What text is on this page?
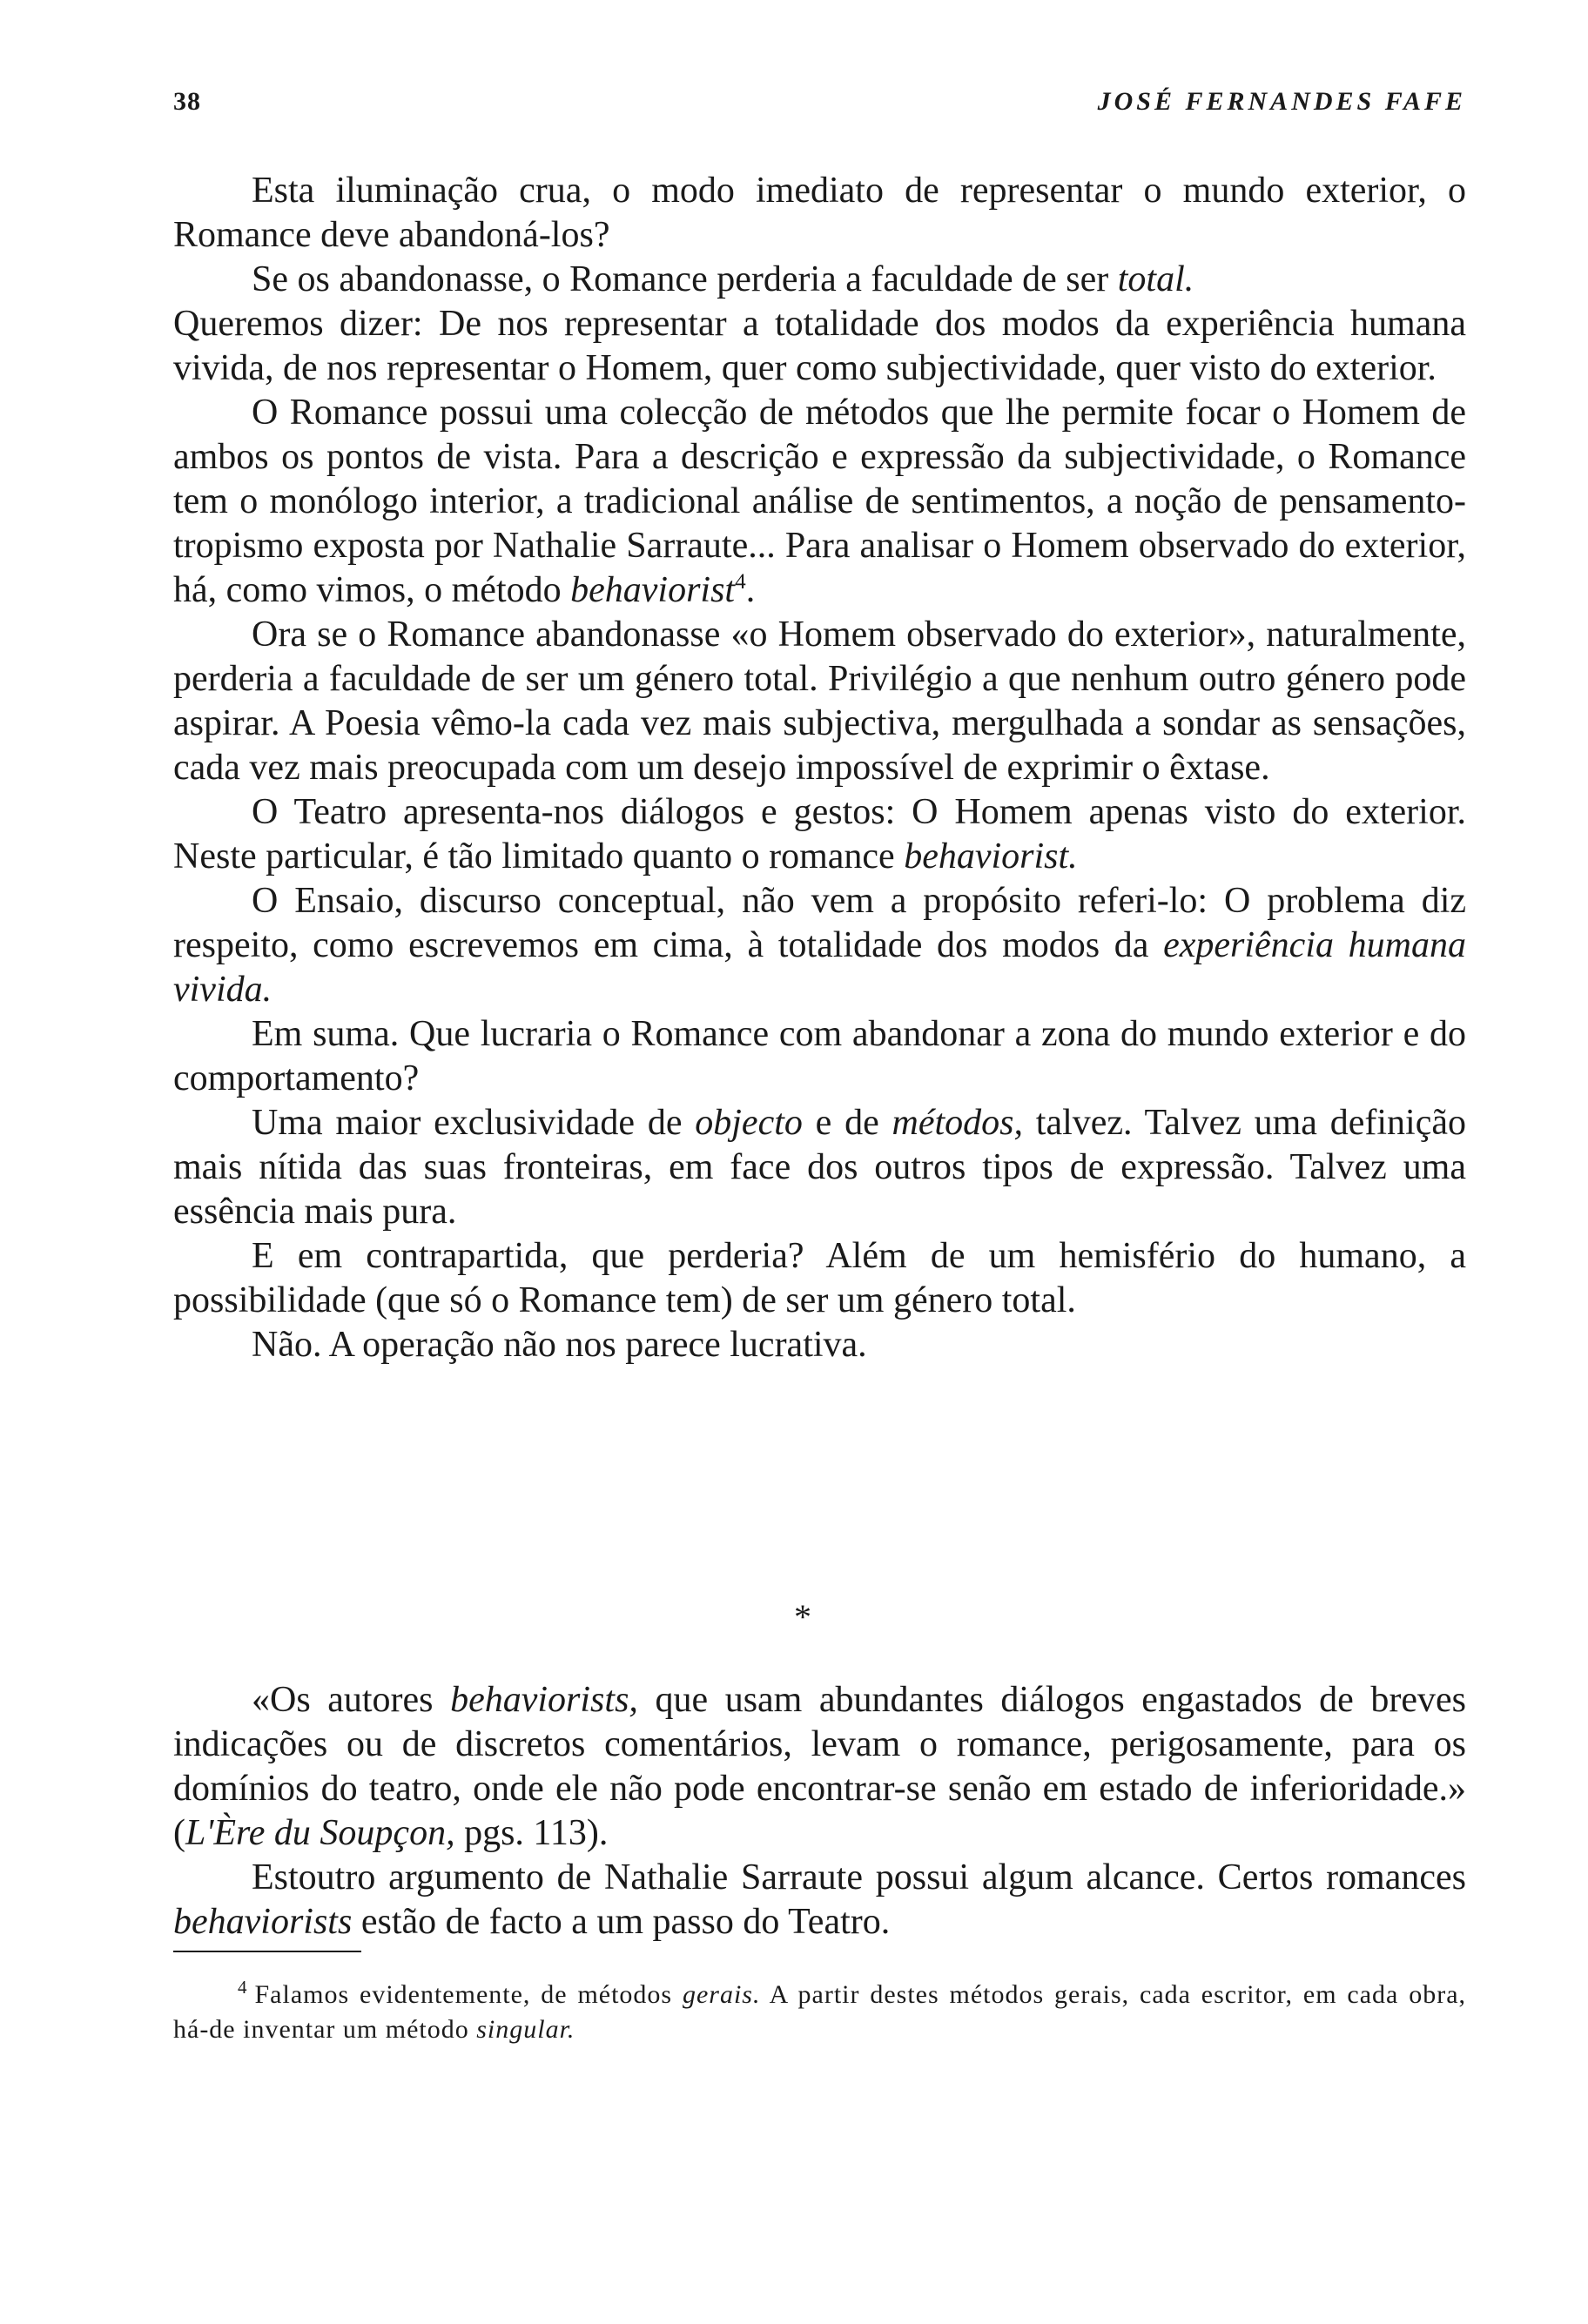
38	JOSÉ FERNANDES FAFE

Esta iluminação crua, o modo imediato de representar o mundo exterior, o Romance deve abandoná-los?

Se os abandonasse, o Romance perderia a faculdade de ser total.

Queremos dizer: De nos representar a totalidade dos modos da experiência humana vivida, de nos representar o Homem, quer como subjectividade, quer visto do exterior.

O Romance possui uma colecção de métodos que lhe permite focar o Homem de ambos os pontos de vista. Para a descrição e expressão da subjectividade, o Romance tem o monólogo interior, a tradicional análise de sentimentos, a noção de pensamento-tropismo exposta por Nathalie Sarraute... Para analisar o Homem observado do exterior, há, como vimos, o método behaviorist$^4$.

Ora se o Romance abandonasse «o Homem observado do exterior», naturalmente, perderia a faculdade de ser um género total. Privilégio a que nenhum outro género pode aspirar. A Poesia vêmo-la cada vez mais subjectiva, mergulhada a sondar as sensações, cada vez mais preocupada com um desejo impossível de exprimir o êxtase.

O Teatro apresenta-nos diálogos e gestos: O Homem apenas visto do exterior. Neste particular, é tão limitado quanto o romance behaviorist.

O Ensaio, discurso conceptual, não vem a propósito referi-lo: O problema diz respeito, como escrevemos em cima, à totalidade dos modos da experiência humana vivida.

Em suma. Que lucraria o Romance com abandonar a zona do mundo exterior e do comportamento?

Uma maior exclusividade de objecto e de métodos, talvez. Talvez uma definição mais nítida das suas fronteiras, em face dos outros tipos de expressão. Talvez uma essência mais pura.

E em contrapartida, que perderia? Além de um hemisfério do humano, a possibilidade (que só o Romance tem) de ser um género total.

Não. A operação não nos parece lucrativa.

*

«Os autores behaviorists, que usam abundantes diálogos engastados de breves indicações ou de discretos comentários, levam o romance, perigosamente, para os domínios do teatro, onde ele não pode encontrar-se senão em estado de inferioridade.» (L'Ère du Soupçon, pgs. 113).

Estoutro argumento de Nathalie Sarraute possui algum alcance. Certos romances behaviorists estão de facto a um passo do Teatro.

$^4$ Falamos evidentemente, de métodos gerais. A partir destes métodos gerais, cada escritor, em cada obra, há-de inventar um método singular.
